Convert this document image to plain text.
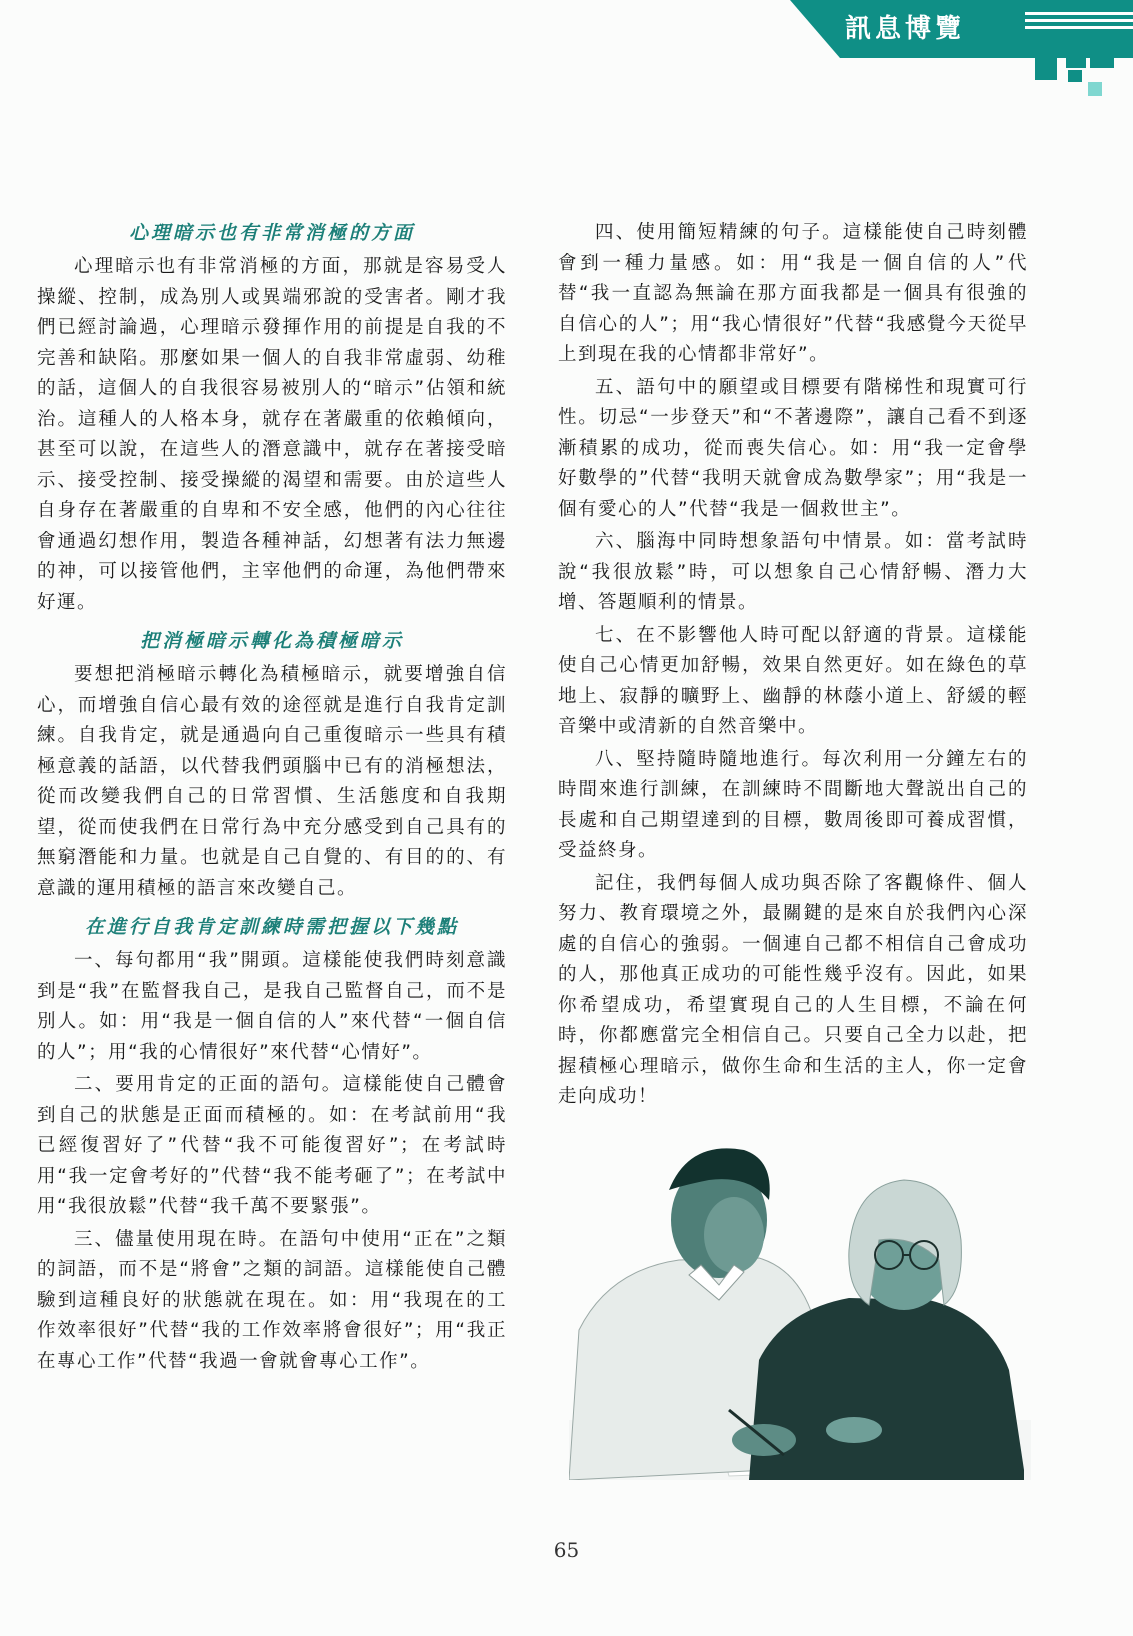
訊息博覽
心理暗示也有非常消極的方面

心理暗示也有非常消極的方面，那就是容易受人操縱、控制，成為別人或異端邪說的受害者。剛才我們已經討論過，心理暗示發揮作用的前提是自我的不完善和缺陷。那麼如果一個人的自我非常虛弱、幼稚的話，這個人的自我很容易被別人的“暗示”佔領和統治。這種人的人格本身，就存在著嚴重的依賴傾向，甚至可以說，在這些人的潛意識中，就存在著接受暗示、接受控制、接受操縱的渴望和需要。由於這些人自身存在著嚴重的自卑和不安全感，他們的內心往往會通過幻想作用，製造各種神話，幻想著有法力無邊的神，可以接管他們，主宰他們的命運，為他們帶來好運。

把消極暗示轉化為積極暗示

要想把消極暗示轉化為積極暗示，就要增強自信心，而增強自信心最有效的途徑就是進行自我肯定訓練。自我肯定，就是通過向自己重復暗示一些具有積極意義的話語，以代替我們頭腦中已有的消極想法，從而改變我們自己的日常習慣、生活態度和自我期望，從而使我們在日常行為中充分感受到自己具有的無窮潛能和力量。也就是自己自覺的、有目的的、有意識的運用積極的語言來改變自己。

在進行自我肯定訓練時需把握以下幾點

一、每句都用“我”開頭。這樣能使我們時刻意識到是“我”在監督我自己，是我自己監督自己，而不是別人。如：用“我是一個自信的人”來代替“一個自信的人”；用“我的心情很好”來代替“心情好”。

二、要用肯定的正面的語句。這樣能使自己體會到自己的狀態是正面而積極的。如：在考試前用“我已經復習好了”代替“我不可能復習好”；在考試時用“我一定會考好的”代替“我不能考砸了”；在考試中用“我很放鬆”代替“我千萬不要緊張”。

三、儘量使用現在時。在語句中使用“正在”之類的詞語，而不是“將會”之類的詞語。這樣能使自己體驗到這種良好的狀態就在現在。如：用“我現在的工作效率很好”代替“我的工作效率將會很好”；用“我正在專心工作”代替“我過一會就會專心工作”。

四、使用簡短精練的句子。這樣能使自己時刻體會到一種力量感。如：用“我是一個自信的人”代替“我一直認為無論在那方面我都是一個具有很強的自信心的人”；用“我心情很好”代替“我感覺今天從早上到現在我的心情都非常好”。

五、語句中的願望或目標要有階梯性和現實可行性。切忌“一步登天”和“不著邊際”，讓自己看不到逐漸積累的成功，從而喪失信心。如：用“我一定會學好數學的”代替“我明天就會成為數學家”；用“我是一個有愛心的人”代替“我是一個救世主”。

六、腦海中同時想象語句中情景。如：當考試時說“我很放鬆”時，可以想象自己心情舒暢、潛力大增、答題順利的情景。

七、在不影響他人時可配以舒適的背景。這樣能使自己心情更加舒暢，效果自然更好。如在綠色的草地上、寂靜的曠野上、幽靜的林蔭小道上、舒緩的輕音樂中或清新的自然音樂中。

八、堅持隨時隨地進行。每次利用一分鐘左右的時間來進行訓練，在訓練時不間斷地大聲説出自己的長處和自己期望達到的目標，數周後即可養成習慣，受益終身。

記住，我們每個人成功與否除了客觀條件、個人努力、教育環境之外，最關鍵的是來自於我們內心深處的自信心的強弱。一個連自己都不相信自己會成功的人，那他真正成功的可能性幾乎沒有。因此，如果你希望成功，希望實現自己的人生目標，不論在何時，你都應當完全相信自己。只要自己全力以赴，把握積極心理暗示，做你生命和生活的主人，你一定會走向成功！

65
